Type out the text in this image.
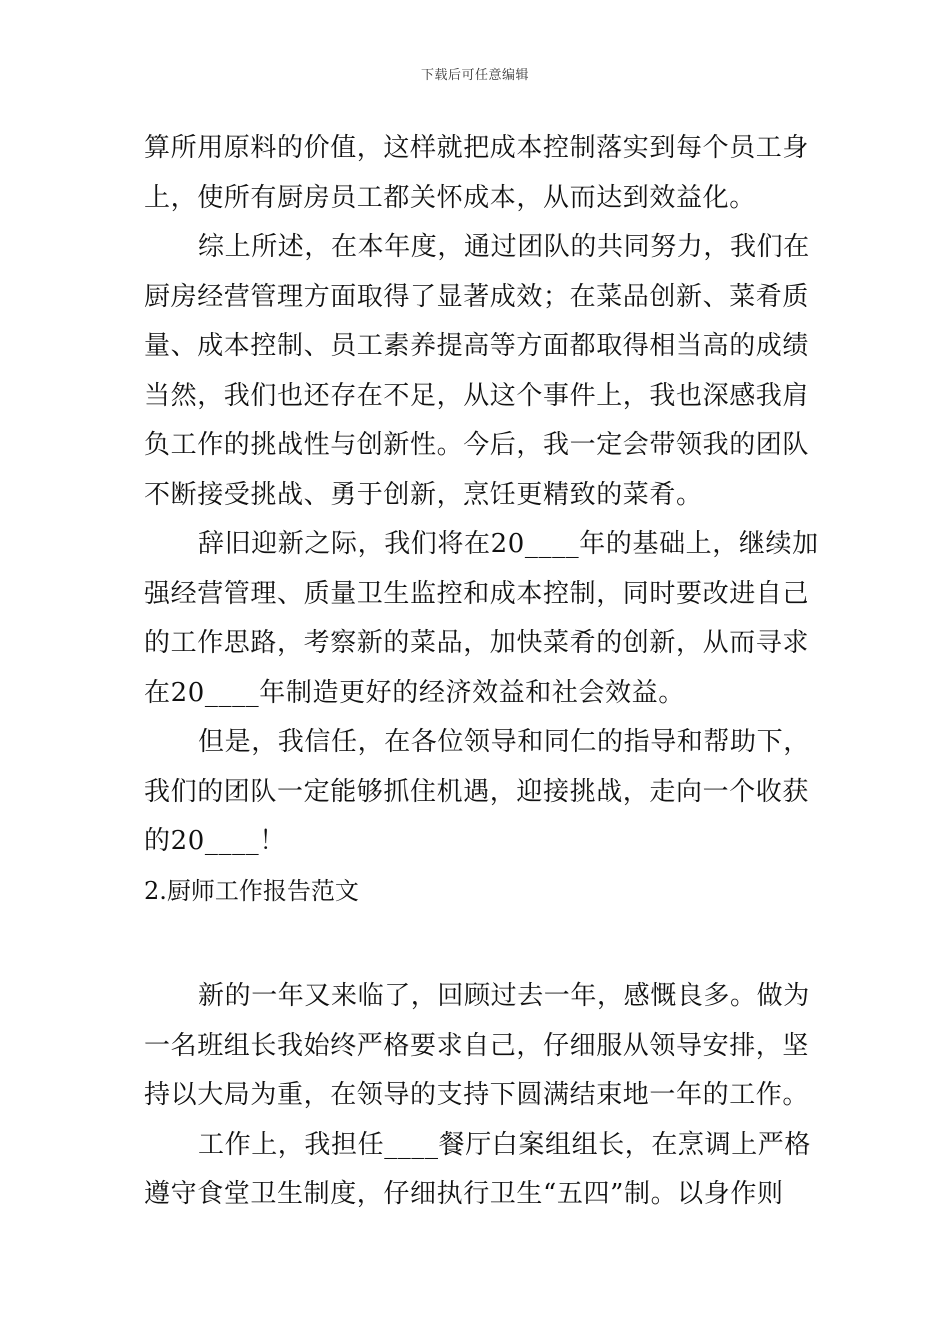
下载后可任意编辑
算所用原料的价值，这样就把成本控制落实到每个员工身
上，使所有厨房员工都关怀成本，从而达到效益化。
综上所述，在本年度，通过团队的共同努力，我们在
厨房经营管理方面取得了显著成效；在菜品创新、菜肴质
量、成本控制、员工素养提高等方面都取得相当高的成绩
当然，我们也还存在不足，从这个事件上，我也深感我肩
负工作的挑战性与创新性。今后，我一定会带领我的团队
不断接受挑战、勇于创新，烹饪更精致的菜肴。
辞旧迎新之际，我们将在20____年的基础上，继续加
强经营管理、质量卫生监控和成本控制，同时要改进自己
的工作思路，考察新的菜品，加快菜肴的创新，从而寻求
在20____年制造更好的经济效益和社会效益。
但是，我信任，在各位领导和同仁的指导和帮助下，
我们的团队一定能够抓住机遇，迎接挑战，走向一个收获
的20____！
2.厨师工作报告范文
新的一年又来临了，回顾过去一年，感慨良多。做为
一名班组长我始终严格要求自己，仔细服从领导安排，坚
持以大局为重，在领导的支持下圆满结束地一年的工作。
工作上，我担任____餐厅白案组组长，在烹调上严格
遵守食堂卫生制度，仔细执行卫生“五四”制。以身作则
